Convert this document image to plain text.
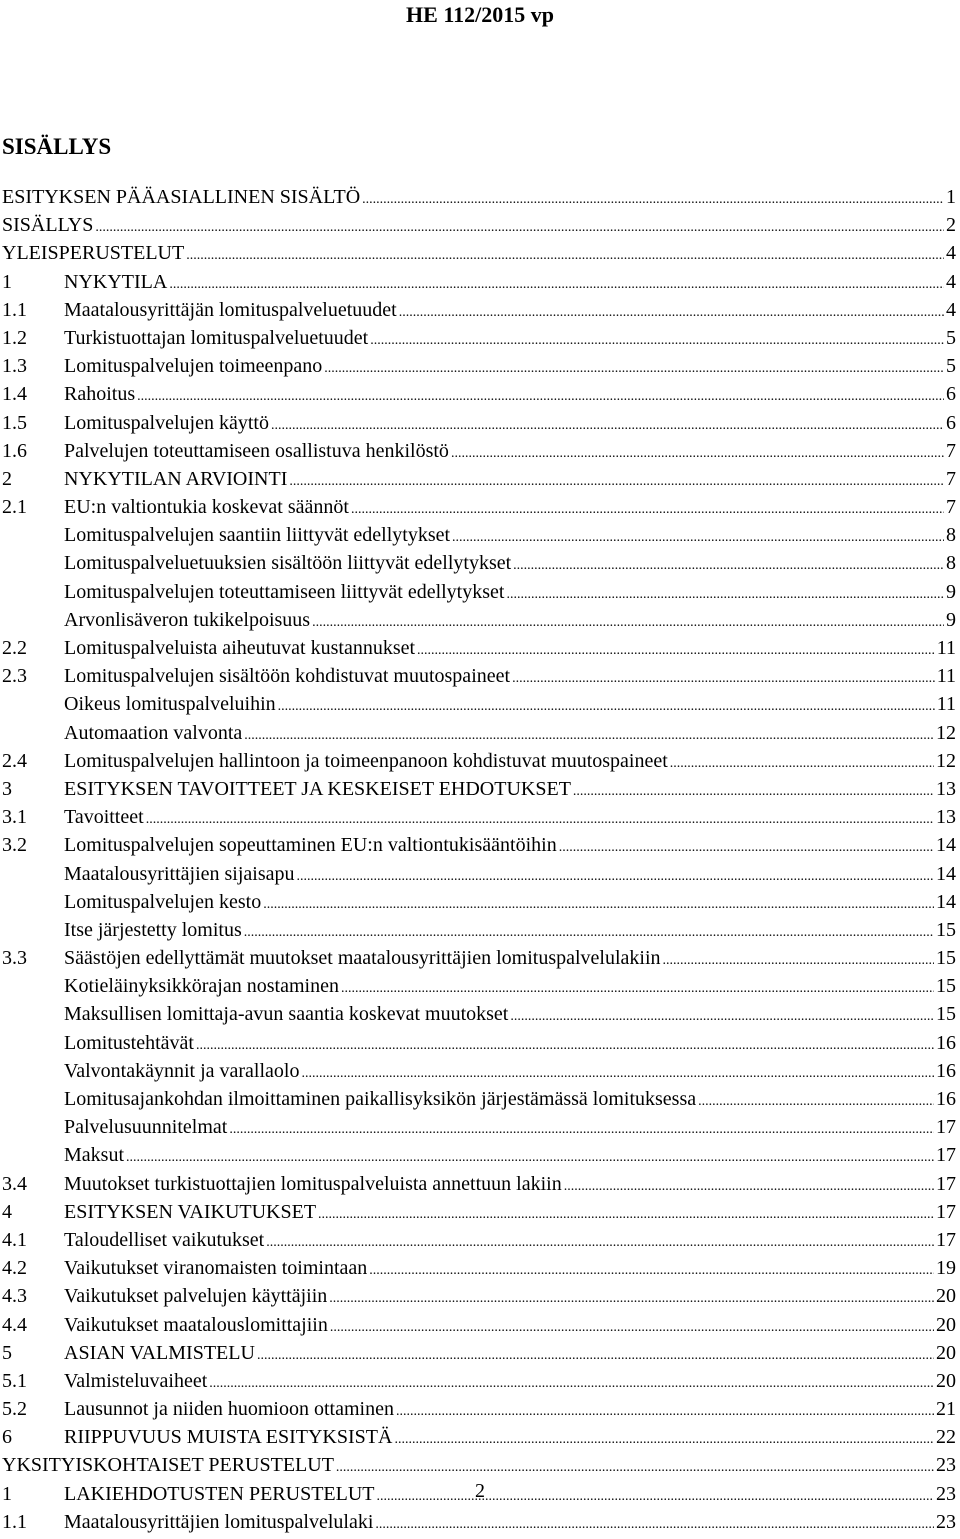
HE 112/2015 vp
SISÄLLYS
ESITYKSEN PÄÄASIALLINEN SISÄLTÖ .....	1
SISÄLLYS .....	2
YLEISPERUSTELUT .....	4
1	NYKYTILA .....	4
1.1	Maatalousyrittäjän lomituspalveluetuudet .....	4
1.2	Turkistuottajan lomituspalveluetuudet .....	5
1.3	Lomituspalvelujen toimeenpano .....	5
1.4	Rahoitus .....	6
1.5	Lomituspalvelujen käyttö .....	6
1.6	Palvelujen toteuttamiseen osallistuva henkilöstö .....	7
2	NYKYTILAN ARVIOINTI .....	7
2.1	EU:n valtiontukia koskevat säännöt .....	7
Lomituspalvelujen saantiin liittyvät edellytykset .....	8
Lomituspalveluetuuksien sisältöön liittyvät edellytykset .....	8
Lomituspalvelujen toteuttamiseen liittyvät edellytykset .....	9
Arvonlisäveron tukikelpoisuus .....	9
2.2	Lomituspalveluista aiheutuvat kustannukset .....	11
2.3	Lomituspalvelujen sisältöön kohdistuvat muutospaineet .....	11
Oikeus lomituspalveluihin .....	11
Automaation valvonta .....	12
2.4	Lomituspalvelujen hallintoon ja toimeenpanoon kohdistuvat muutospaineet .....	12
3	ESITYKSEN TAVOITTEET JA KESKEISET EHDOTUKSET .....	13
3.1	Tavoitteet .....	13
3.2	Lomituspalvelujen sopeuttaminen EU:n valtiontukisääntöihin .....	14
Maatalousyrittäjien sijaisapu .....	14
Lomituspalvelujen kesto .....	14
Itse järjestetty lomitus .....	15
3.3	Säästöjen edellyttämät muutokset maatalousyrittäjien lomituspalvelulakiin .....	15
Kotieläinyksikkörajan nostaminen .....	15
Maksullisen lomittaja-avun saantia koskevat muutokset .....	15
Lomitustehtävät .....	16
Valvontakäynnit ja varallaolo .....	16
Lomitusajankohdan ilmoittaminen paikallisyksikön järjestämässä lomituksessa .....	16
Palvelusuunnitelmat .....	17
Maksut .....	17
3.4	Muutokset turkistuottajien lomituspalveluista annettuun lakiin .....	17
4	ESITYKSEN VAIKUTUKSET .....	17
4.1	Taloudelliset vaikutukset .....	17
4.2	Vaikutukset viranomaisten toimintaan .....	19
4.3	Vaikutukset palvelujen käyttäjiin .....	20
4.4	Vaikutukset maatalouslomittajiin .....	20
5	ASIAN VALMISTELU .....	20
5.1	Valmisteluvaiheet .....	20
5.2	Lausunnot ja niiden huomioon ottaminen .....	21
6	RIIPPUVUUS MUISTA ESITYKSISTÄ .....	22
YKSITYISKOHTAISET PERUSTELUT .....	23
1	LAKIEHDOTUSTEN PERUSTELUT .....	23
1.1	Maatalousyrittäjien lomituspalvelulaki .....	23
2
